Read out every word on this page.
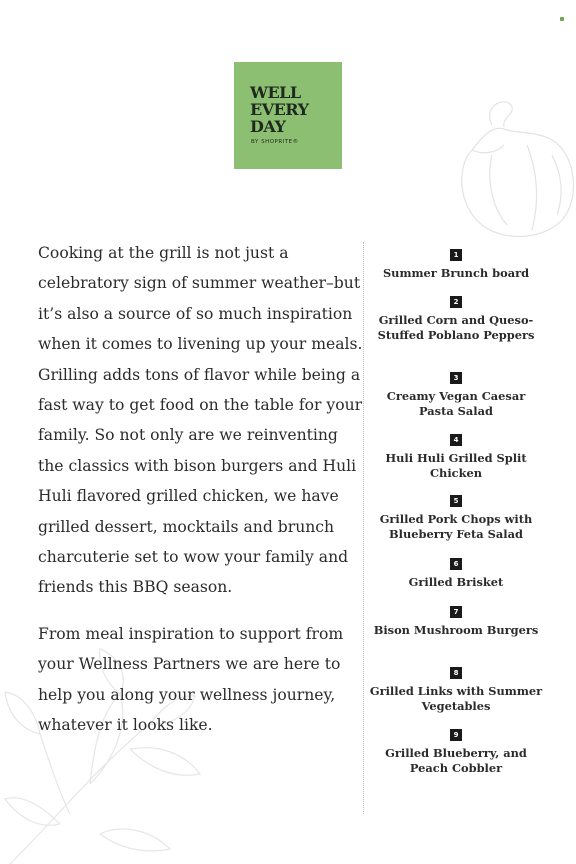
WELL
EVERY
DAY
BY SHOPRITE®

Cooking at the grill is not just a celebratory sign of summer weather–but it’s also a source of so much inspiration when it comes to livening up your meals. Grilling adds tons of flavor while being a fast way to get food on the table for your family. So not only are we reinventing the classics with bison burgers and Huli Huli flavored grilled chicken, we have grilled dessert, mocktails and brunch charcuterie set to wow your family and friends this BBQ season.

From meal inspiration to support from your Wellness Partners we are here to help you along your wellness journey, whatever it looks like.

1
Summer Brunch board
2
Grilled Corn and Queso-Stuffed Poblano Peppers
3
Creamy Vegan Caesar Pasta Salad
4
Huli Huli Grilled Split Chicken
5
Grilled Pork Chops with Blueberry Feta Salad
6
Grilled Brisket
7
Bison Mushroom Burgers
8
Grilled Links with Summer Vegetables
9
Grilled Blueberry, and Peach Cobbler
